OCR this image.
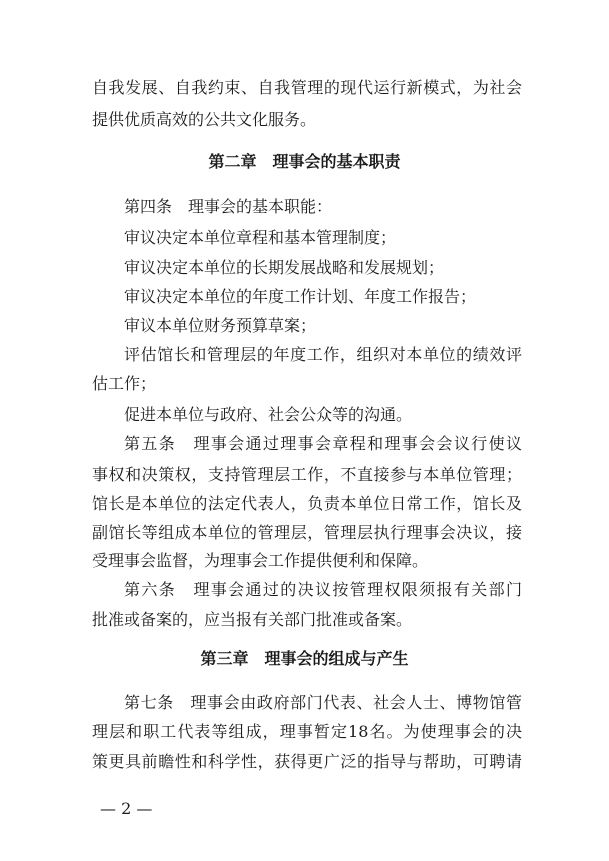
自我发展、自我约束、自我管理的现代运行新模式，为社会
提供优质高效的公共文化服务。
第二章　理事会的基本职责
第四条　理事会的基本职能：
审议决定本单位章程和基本管理制度；
审议决定本单位的长期发展战略和发展规划；
审议决定本单位的年度工作计划、年度工作报告；
审议本单位财务预算草案；
评估馆长和管理层的年度工作，组织对本单位的绩效评
估工作；
促进本单位与政府、社会公众等的沟通。
第五条　理事会通过理事会章程和理事会会议行使议
事权和决策权，支持管理层工作，不直接参与本单位管理；
馆长是本单位的法定代表人，负责本单位日常工作，馆长及
副馆长等组成本单位的管理层，管理层执行理事会决议，接
受理事会监督，为理事会工作提供便利和保障。
第六条　理事会通过的决议按管理权限须报有关部门
批准或备案的，应当报有关部门批准或备案。
第三章　理事会的组成与产生
第七条　理事会由政府部门代表、社会人士、博物馆管
理层和职工代表等组成，理事暂定18名。为使理事会的决
策更具前瞻性和科学性，获得更广泛的指导与帮助，可聘请
— 2 —
